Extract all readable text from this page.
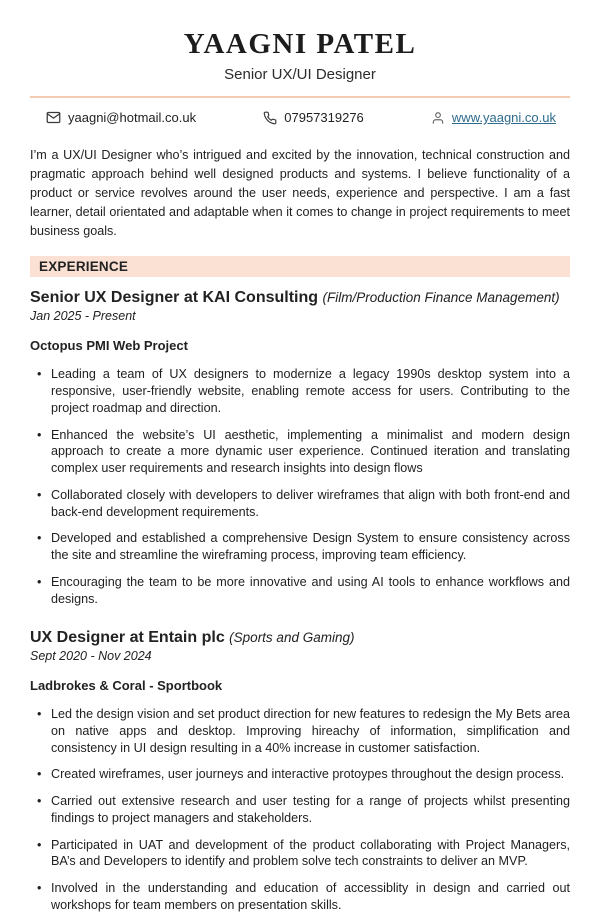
YAAGNI PATEL
Senior UX/UI Designer
yaagni@hotmail.co.uk	07957319276	www.yaagni.co.uk

I’m a UX/UI Designer who’s intrigued and excited by the innovation, technical construction and pragmatic approach behind well designed products and systems. I believe functionality of a product or service revolves around the user needs, experience and perspective. I am a fast learner, detail orientated and adaptable when it comes to change in project requirements to meet business goals.

EXPERIENCE
Senior UX Designer at KAI Consulting (Film/Production Finance Management)
Jan 2025 - Present
Octopus PMI Web Project
• Leading a team of UX designers to modernize a legacy 1990s desktop system into a responsive, user-friendly website, enabling remote access for users. Contributing to the project roadmap and direction.
• Enhanced the website’s UI aesthetic, implementing a minimalist and modern design approach to create a more dynamic user experience. Continued iteration and translating complex user requirements and research insights into design flows
• Collaborated closely with developers to deliver wireframes that align with both front-end and back-end development requirements.
• Developed and established a comprehensive Design System to ensure consistency across the site and streamline the wireframing process, improving team efficiency.
• Encouraging the team to be more innovative and using AI tools to enhance workflows and designs.
UX Designer at Entain plc (Sports and Gaming)
Sept 2020 - Nov 2024
Ladbrokes & Coral - Sportbook
• Led the design vision and set product direction for new features to redesign the My Bets area on native apps and desktop. Improving hireachy of information, simplification and consistency in UI design resulting in a 40% increase in customer satisfaction.
• Created wireframes, user journeys and interactive protoypes throughout the design process.
• Carried out extensive research and user testing for a range of projects whilst presenting findings to project managers and stakeholders.
• Participated in UAT and development of the product collaborating with Project Managers, BA’s and Developers to identify and problem solve tech constraints to deliver an MVP.
• Involved in the understanding and education of accessiblity in design and carried out workshops for team members on presentation skills.
